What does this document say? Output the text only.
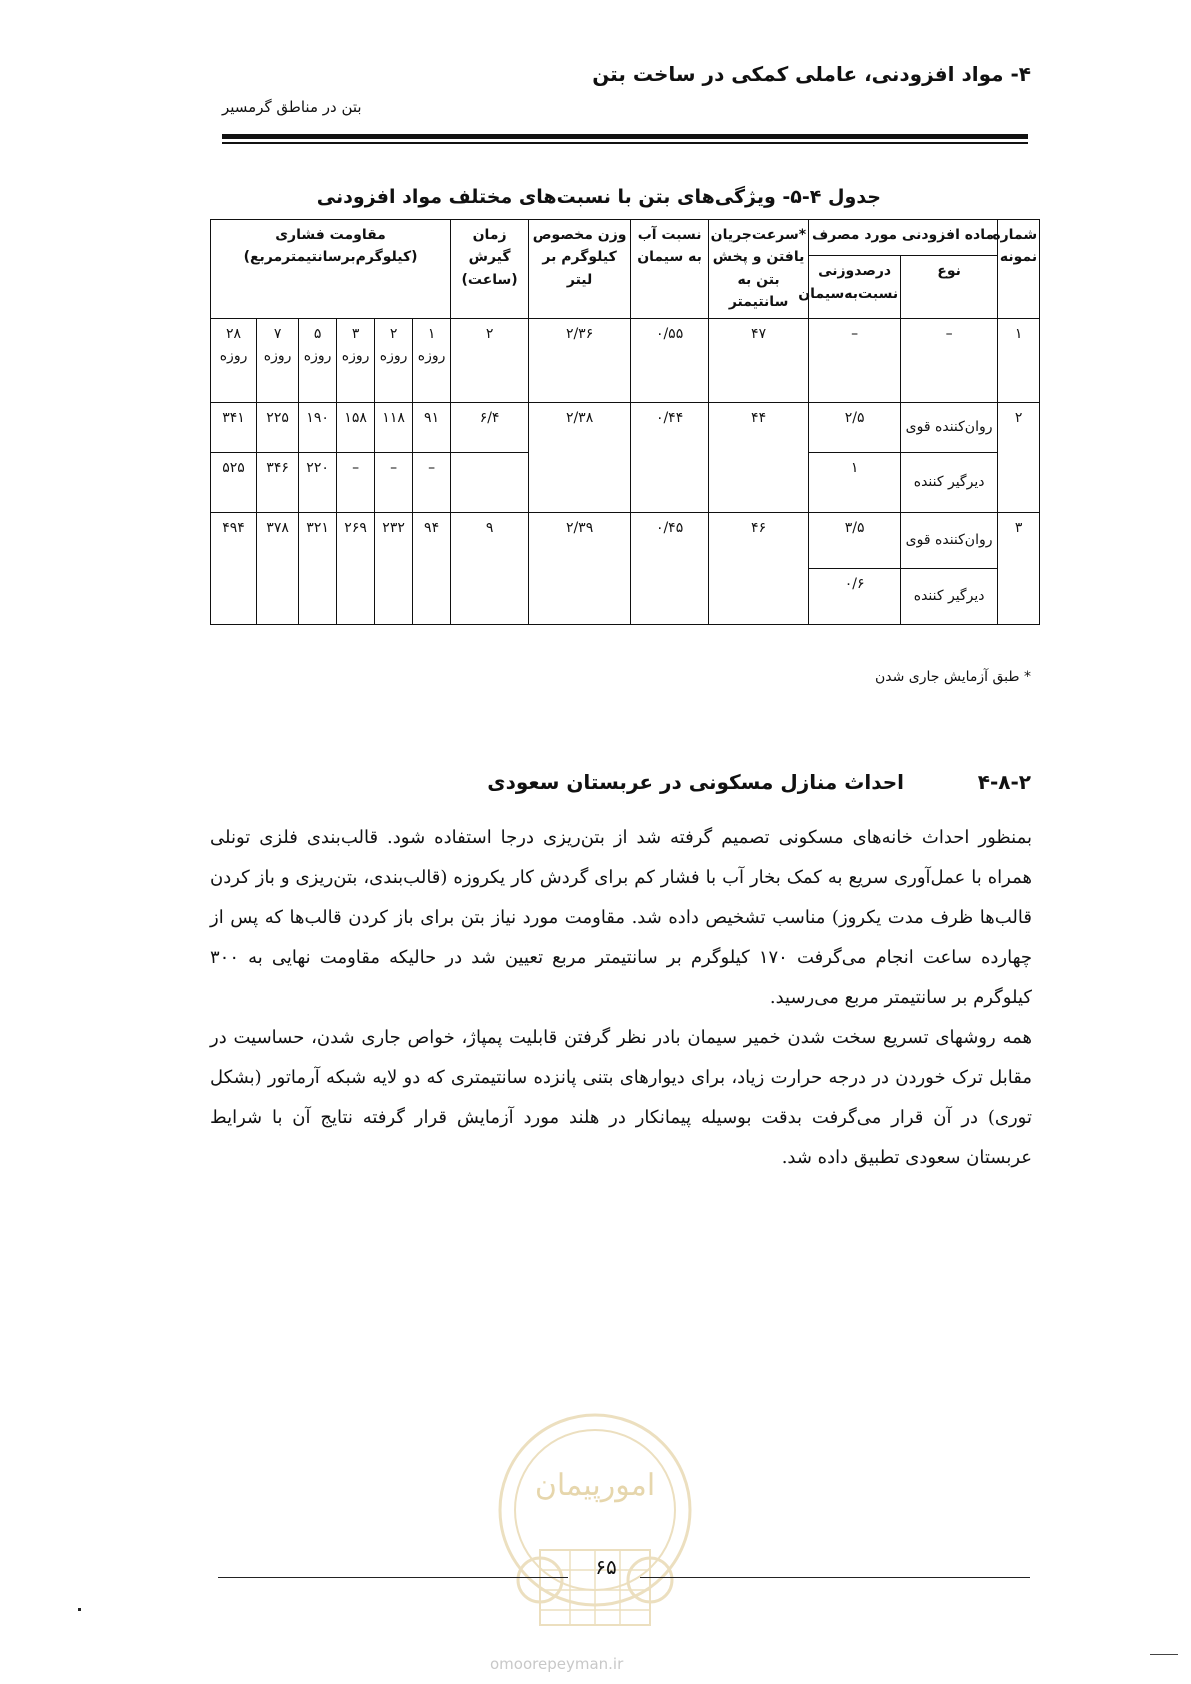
۴- مواد افزودنی، عاملی کمکی در ساخت بتن
بتن در مناطق گرمسیر
جدول ۴-۵- ویژگی‌های بتن با نسبت‌های مختلف مواد افزودنی
شماره نمونه	ماده افزودنی مورد مصرف		*سرعت‌جریان یافتن و پخش بتن به سانتیمتر	نسبت آب به سیمان	وزن مخصوص کیلوگرم بر لیتر	زمان گیرش (ساعت)	مقاومت فشاری (کیلوگرم‌برسانتیمترمربع)					
	نوع	درصدوزنی نسبت‌به‌سیمان										
۱	–	–	۴۷	۰/۵۵	۲/۳۶	۲	۱ روزه	۲ روزه	۳ روزه	۵ روزه	۷ روزه	۲۸ روزه
۲	روان‌کننده قوی	۲/۵	۴۴	۰/۴۴	۲/۳۸	۶/۴	۹۱	۱۱۸	۱۵۸	۱۹۰	۲۲۵	۳۴۱
	دیرگیر کننده	۱					–	–	–	۲۲۰	۳۴۶	۵۲۵
۳	روان‌کننده قوی	۳/۵	۴۶	۰/۴۵	۲/۳۹	۹	۹۴	۲۳۲	۲۶۹	۳۲۱	۳۷۸	۴۹۴
	دیرگیر کننده	۰/۶										
* طبق آزمایش جاری شدن
۴-۸-۲ احداث منازل مسکونی در عربستان سعودی

بمنظور احداث خانه‌های مسکونی تصمیم گرفته شد از بتن‌ریزی درجا استفاده شود. قالب‌بندی فلزی تونلی همراه با عمل‌آوری سریع به کمک بخار آب با فشار کم برای گردش کار یکروزه (قالب‌بندی، بتن‌ریزی و باز کردن قالب‌ها ظرف مدت یکروز) مناسب تشخیص داده شد. مقاومت مورد نیاز بتن برای باز کردن قالب‌ها که پس از چهارده ساعت انجام می‌گرفت ۱۷۰ کیلوگرم بر سانتیمتر مربع تعیین شد در حالیکه مقاومت نهایی به ۳۰۰ کیلوگرم بر سانتیمتر مربع می‌رسید.

همه روشهای تسریع سخت شدن خمیر سیمان بادر نظر گرفتن قابلیت پمپاژ، خواص جاری شدن، حساسیت در مقابل ترک خوردن در درجه حرارت زیاد، برای دیوارهای بتنی پانزده سانتیمتری که دو لایه شبکه آرماتور (بشکل توری) در آن قرار می‌گرفت بدقت بوسیله پیمانکار در هلند مورد آزمایش قرار گرفته نتایج آن با شرایط عربستان سعودی تطبیق داده شد.

امورپیمان
۶۵
omoorepeyman.ir
